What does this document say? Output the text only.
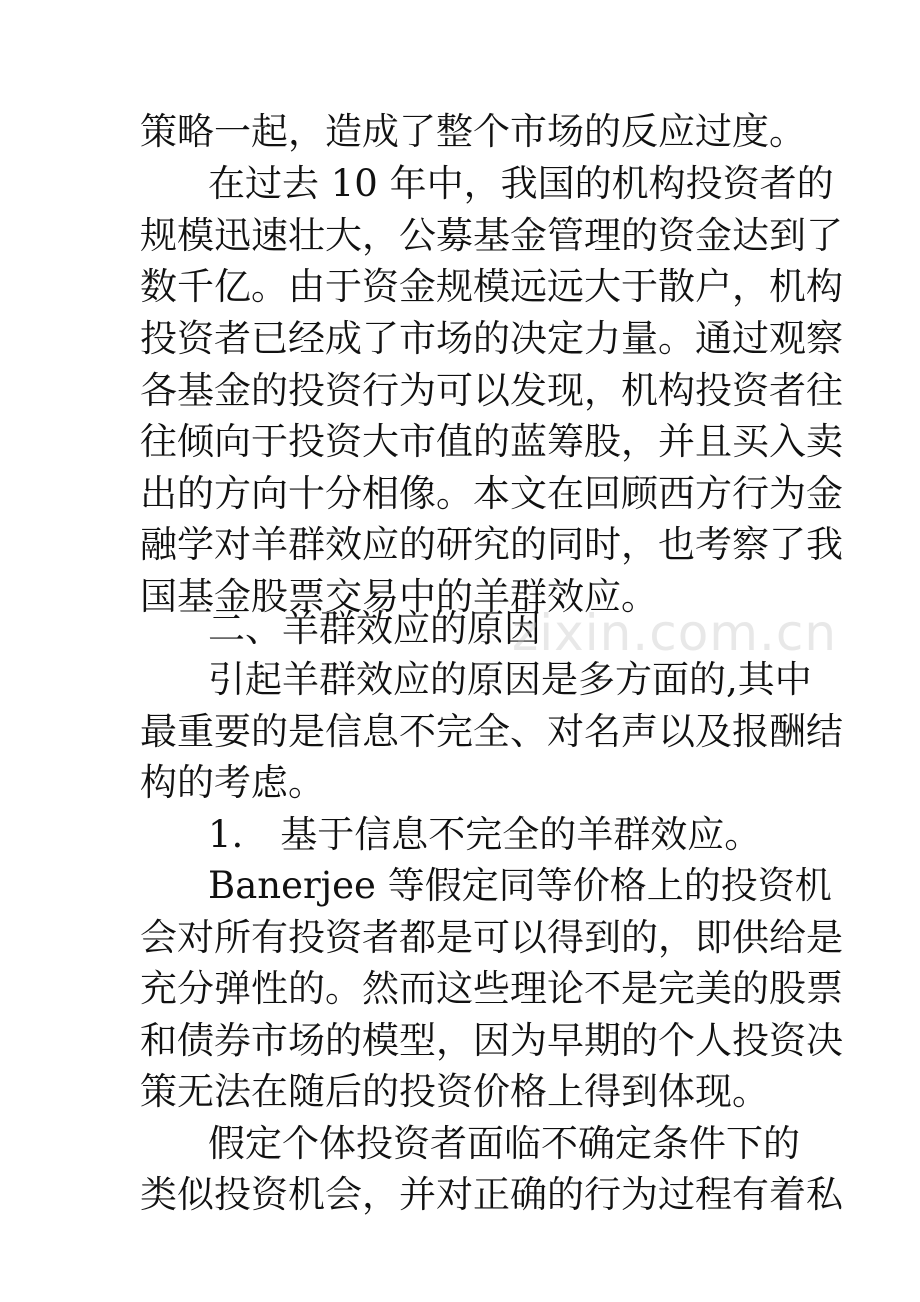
策略一起，造成了整个市场的反应过度。
在过去 10 年中，我国的机构投资者的
规模迅速壮大，公募基金管理的资金达到了
数千亿。由于资金规模远远大于散户，机构
投资者已经成了市场的决定力量。通过观察
各基金的投资行为可以发现，机构投资者往
往倾向于投资大市值的蓝筹股，并且买入卖
出的方向十分相像。本文在回顾西方行为金
融学对羊群效应的研究的同时，也考察了我
国基金股票交易中的羊群效应。
二、羊群效应的原因
zixin.com.cn
引起羊群效应的原因是多方面的,其中
最重要的是信息不完全、对名声以及报酬结
构的考虑。
1.　基于信息不完全的羊群效应。
Banerjee 等假定同等价格上的投资机
会对所有投资者都是可以得到的，即供给是
充分弹性的。然而这些理论不是完美的股票
和债券市场的模型，因为早期的个人投资决
策无法在随后的投资价格上得到体现。
假定个体投资者面临不确定条件下的
类似投资机会，并对正确的行为过程有着私
